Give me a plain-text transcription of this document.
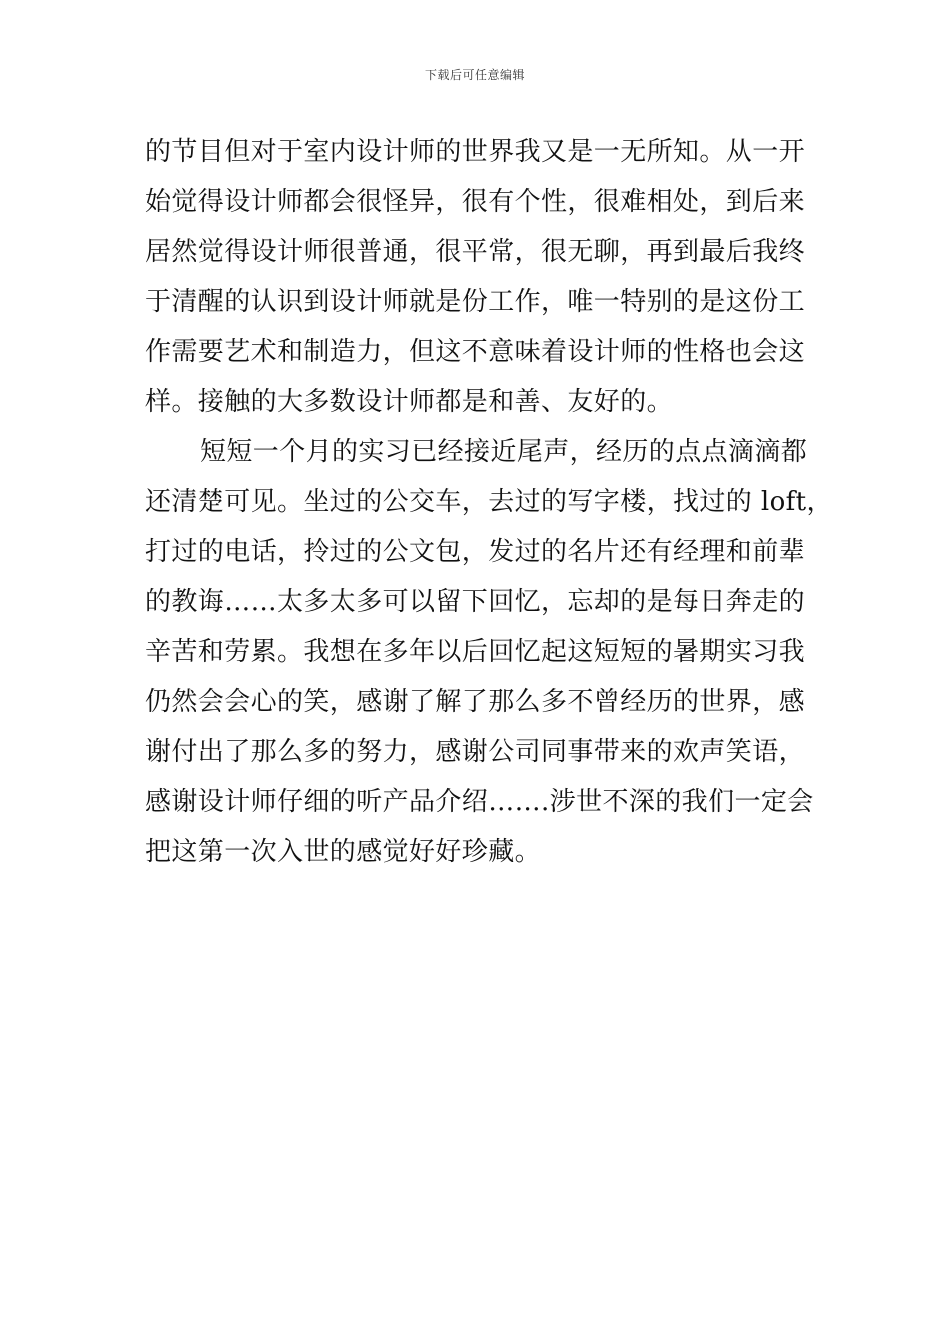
下载后可任意编辑
的节目但对于室内设计师的世界我又是一无所知。从一开
始觉得设计师都会很怪异，很有个性，很难相处，到后来
居然觉得设计师很普通，很平常，很无聊，再到最后我终
于清醒的认识到设计师就是份工作，唯一特别的是这份工
作需要艺术和制造力，但这不意味着设计师的性格也会这
样。接触的大多数设计师都是和善、友好的。
短短一个月的实习已经接近尾声，经历的点点滴滴都
还清楚可见。坐过的公交车，去过的写字楼，找过的 loft，
打过的电话，拎过的公文包，发过的名片还有经理和前辈
的教诲……太多太多可以留下回忆，忘却的是每日奔走的
辛苦和劳累。我想在多年以后回忆起这短短的暑期实习我
仍然会会心的笑，感谢了解了那么多不曾经历的世界，感
谢付出了那么多的努力，感谢公司同事带来的欢声笑语，
感谢设计师仔细的听产品介绍…….涉世不深的我们一定会
把这第一次入世的感觉好好珍藏。
